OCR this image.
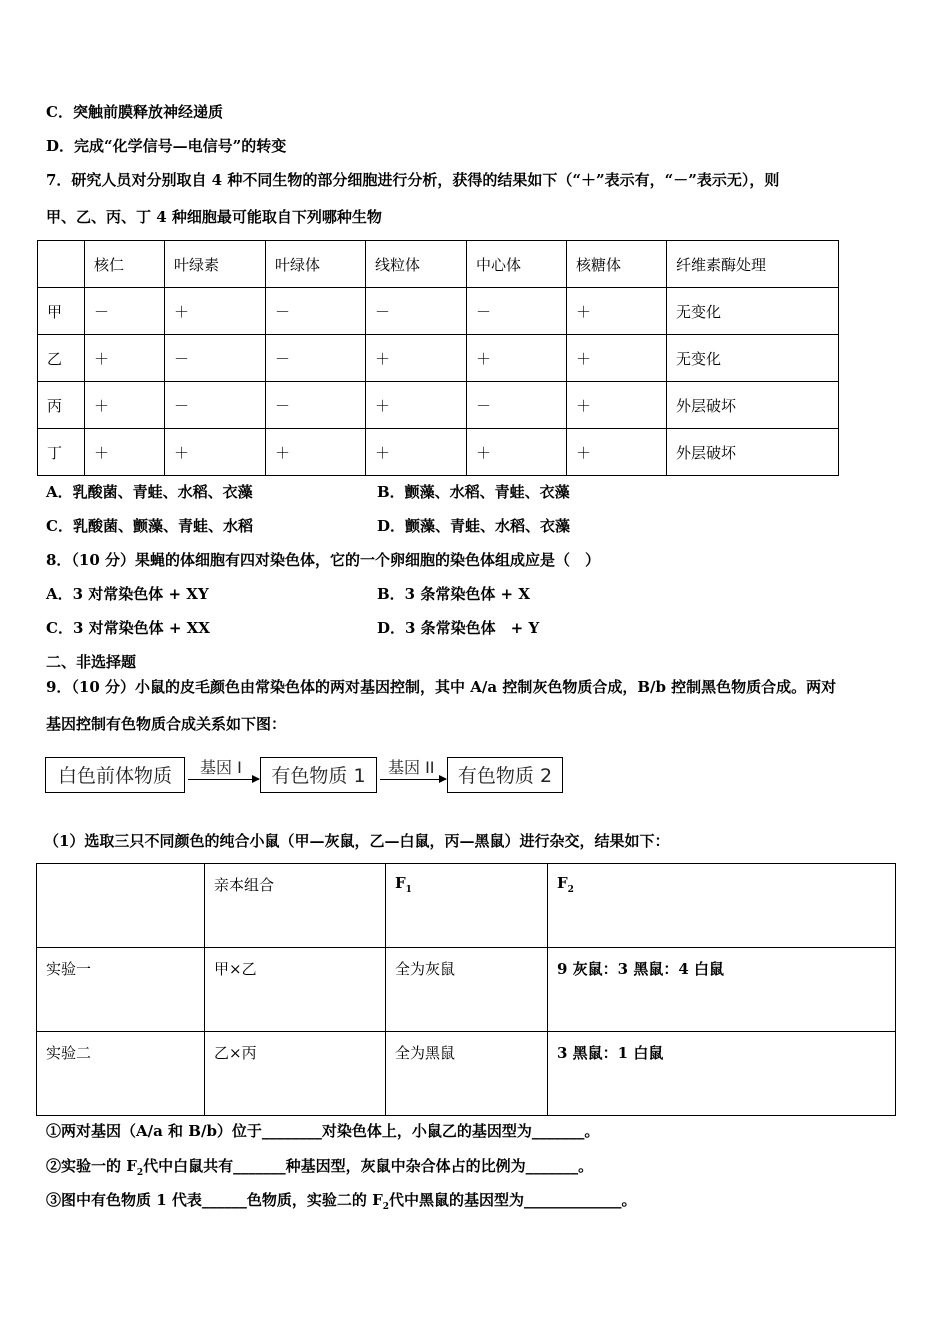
C．突触前膜释放神经递质
D．完成“化学信号—电信号”的转变
7．研究人员对分别取自 4 种不同生物的部分细胞进行分析，获得的结果如下（“＋”表示有，“－”表示无），则
甲、乙、丙、丁 4 种细胞最可能取自下列哪种生物
	核仁	叶绿素	叶绿体	线粒体	中心体	核糖体	纤维素酶处理
甲	－	＋	－	－	－	＋	无变化
乙	＋	－	－	＋	＋	＋	无变化
丙	＋	－	－	＋	－	＋	外层破坏
丁	＋	＋	＋	＋	＋	＋	外层破坏
A．乳酸菌、青蛙、水稻、衣藻	B．颤藻、水稻、青蛙、衣藻
C．乳酸菌、颤藻、青蛙、水稻	D．颤藻、青蛙、水稻、衣藻
8．（10 分）果蝇的体细胞有四对染色体，它的一个卵细胞的染色体组成应是（　）
A．3 对常染色体 + XY	B．3 条常染色体 + X
C．3 对常染色体 + XX	D．3 条常染色体　+ Y
二、非选择题
9．（10 分）小鼠的皮毛颜色由常染色体的两对基因控制，其中 A/a 控制灰色物质合成，B/b 控制黑色物质合成。两对
基因控制有色物质合成关系如下图：
白色前体物质	基因 I	有色物质 1	基因 II	有色物质 2
（1）选取三只不同颜色的纯合小鼠（甲—灰鼠，乙—白鼠，丙—黑鼠）进行杂交，结果如下：
	亲本组合	$F_1$	$F_2$
实验一	甲×乙	全为灰鼠	9 灰鼠：3 黑鼠：4 白鼠
实验二	乙×丙	全为黑鼠	3 黑鼠：1 白鼠
①两对基因（A/a 和 B/b）位于________对染色体上，小鼠乙的基因型为_______。
②实验一的 $F_2$代中白鼠共有_______种基因型，灰鼠中杂合体占的比例为_______。
③图中有色物质 1 代表______色物质，实验二的 $F_2$代中黑鼠的基因型为_____________。
